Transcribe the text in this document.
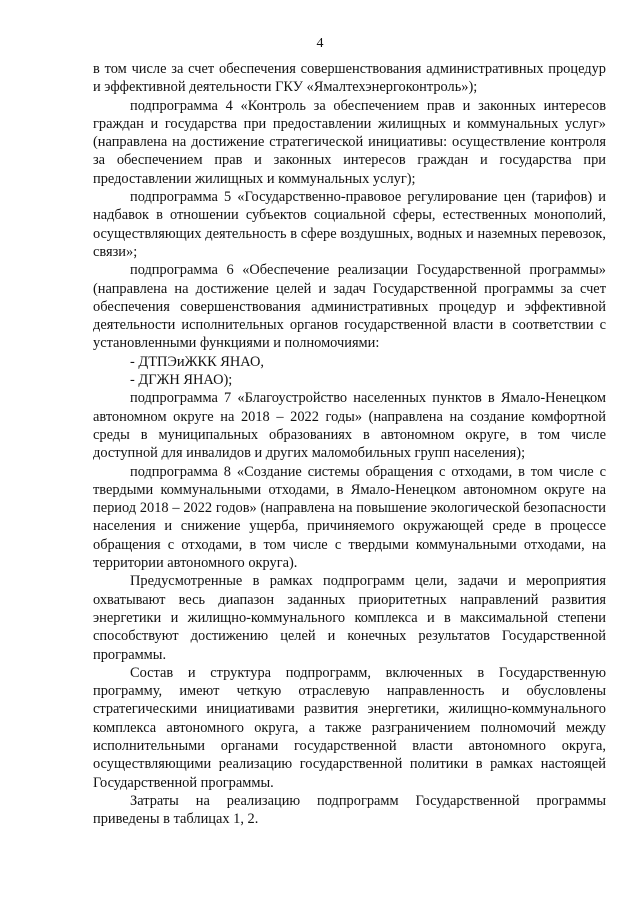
4

в том числе за счет обеспечения совершенствования административных процедур и эффективной деятельности ГКУ «Ямалтехэнергоконтроль»);

подпрограмма 4 «Контроль за обеспечением прав и законных интересов граждан и государства при предоставлении жилищных и коммунальных услуг» (направлена на достижение стратегической инициативы: осуществление контроля за обеспечением прав и законных интересов граждан и государства при предоставлении жилищных и коммунальных услуг);

подпрограмма 5 «Государственно-правовое регулирование цен (тарифов) и надбавок в отношении субъектов социальной сферы, естественных монополий, осуществляющих деятельность в сфере воздушных, водных и наземных перевозок, связи»;

подпрограмма 6 «Обеспечение реализации Государственной программы» (направлена на достижение целей и задач Государственной программы за счет обеспечения совершенствования административных процедур и эффективной деятельности исполнительных органов государственной власти в соответствии с установленными функциями и полномочиями:

- ДТПЭиЖКК ЯНАО,

- ДГЖН ЯНАО);

подпрограмма 7 «Благоустройство населенных пунктов в Ямало-Ненецком автономном округе на 2018 – 2022 годы» (направлена на создание комфортной среды в муниципальных образованиях в автономном округе, в том числе доступной для инвалидов и других маломобильных групп населения);

подпрограмма 8 «Создание системы обращения с отходами, в том числе с твердыми коммунальными отходами, в Ямало-Ненецком автономном округе на период 2018 – 2022 годов» (направлена на повышение экологической безопасности населения и снижение ущерба, причиняемого окружающей среде в процессе обращения с отходами, в том числе с твердыми коммунальными отходами, на территории автономного округа).

Предусмотренные в рамках подпрограмм цели, задачи и мероприятия охватывают весь диапазон заданных приоритетных направлений развития энергетики и жилищно-коммунального комплекса и в максимальной степени способствуют достижению целей и конечных результатов Государственной программы.

Состав и структура подпрограмм, включенных в Государственную программу, имеют четкую отраслевую направленность и обусловлены стратегическими инициативами развития энергетики, жилищно-коммунального комплекса автономного округа, а также разграничением полномочий между исполнительными органами государственной власти автономного округа, осуществляющими реализацию государственной политики в рамках настоящей Государственной программы.

Затраты на реализацию подпрограмм Государственной программы приведены в таблицах 1, 2.
